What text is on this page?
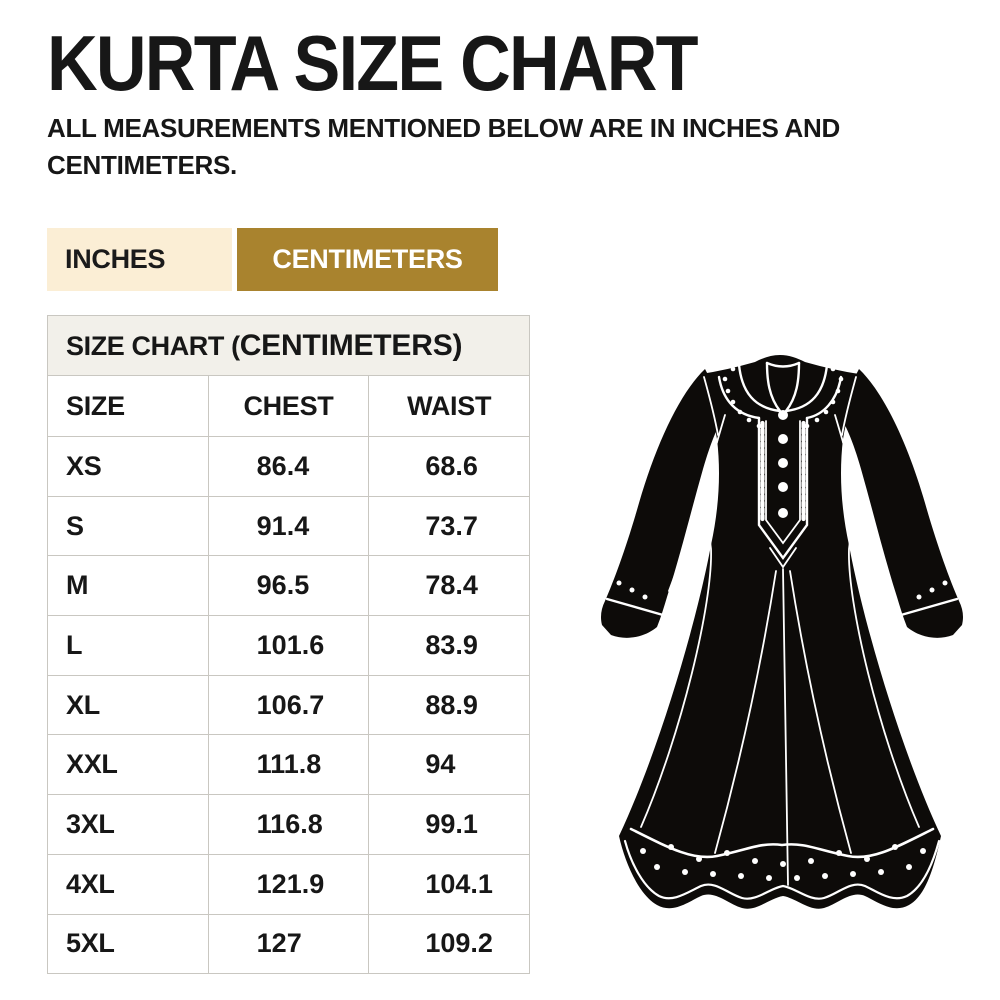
KURTA SIZE CHART
ALL MEASUREMENTS MENTIONED BELOW ARE IN INCHES AND CENTIMETERS.
INCHES	CENTIMETERS
SIZE CHART (CENTIMETERS)		
SIZE	CHEST	WAIST
XS	86.4	68.6
S	91.4	73.7
M	96.5	78.4
L	101.6	83.9
XL	106.7	88.9
XXL	111.8	94
3XL	116.8	99.1
4XL	121.9	104.1
5XL	127	109.2
